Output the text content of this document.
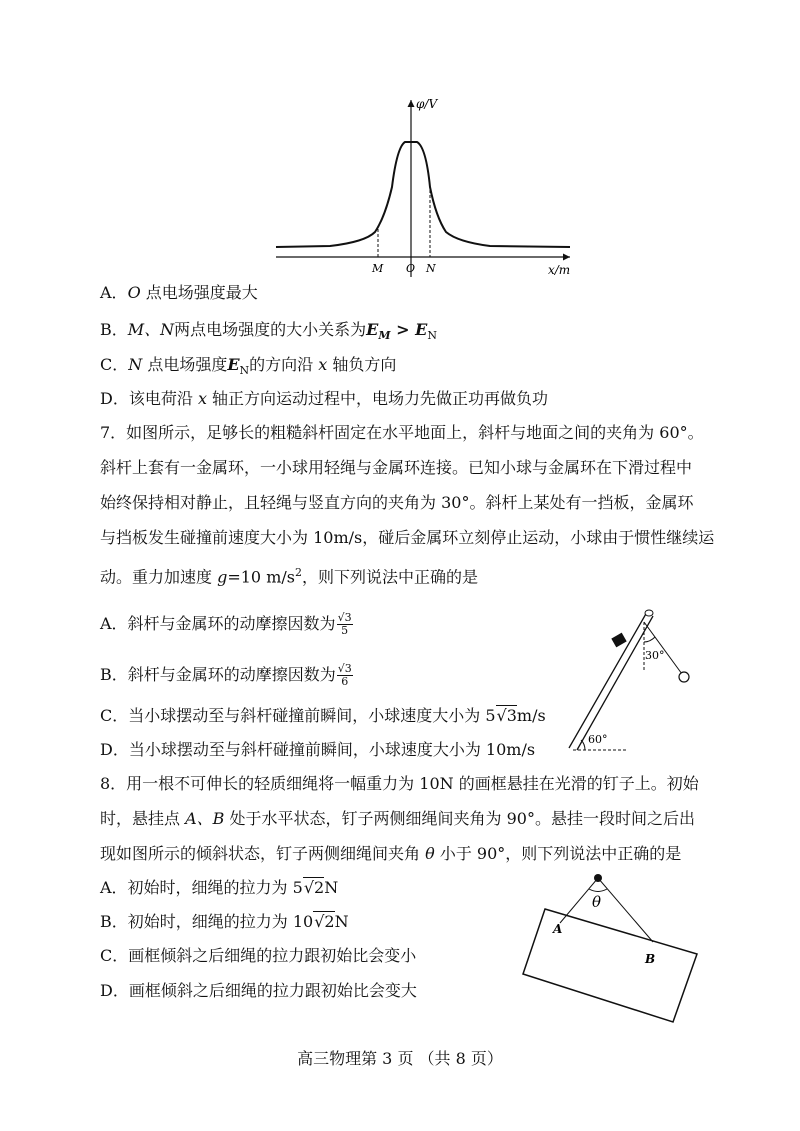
φ/V
x/m
M O N
A．O 点电场强度最大
B．M、N两点电场强度的大小关系为$E_M > E_N$
C．N 点电场强度$E_N$的方向沿 x 轴负方向
D．该电荷沿 x 轴正方向运动过程中，电场力先做正功再做负功
7．如图所示，足够长的粗糙斜杆固定在水平地面上，斜杆与地面之间的夹角为 60°。
斜杆上套有一金属环，一小球用轻绳与金属环连接。已知小球与金属环在下滑过程中
始终保持相对静止，且轻绳与竖直方向的夹角为 30°。斜杆上某处有一挡板，金属环
与挡板发生碰撞前速度大小为 10m/s，碰后金属环立刻停止运动，小球由于惯性继续运
动。重力加速度 g=10 $m/s^2$，则下列说法中正确的是
A．斜杆与金属环的动摩擦因数为 $\frac{√3}{5}$
B．斜杆与金属环的动摩擦因数为 $\frac{√3}{6}$
C．当小球摆动至与斜杆碰撞前瞬间，小球速度大小为 5√3m/s
D．当小球摆动至与斜杆碰撞前瞬间，小球速度大小为 10m/s
30°
60°
8．用一根不可伸长的轻质细绳将一幅重力为 10N 的画框悬挂在光滑的钉子上。初始
时，悬挂点 A、B 处于水平状态，钉子两侧细绳间夹角为 90°。悬挂一段时间之后出
现如图所示的倾斜状态，钉子两侧细绳间夹角 θ 小于 90°，则下列说法中正确的是
A．初始时，细绳的拉力为 5√2N
B．初始时，细绳的拉力为 10√2N
C．画框倾斜之后细绳的拉力跟初始比会变小
D．画框倾斜之后细绳的拉力跟初始比会变大
θ
A
B
高三物理第 3 页 （共 8 页）
